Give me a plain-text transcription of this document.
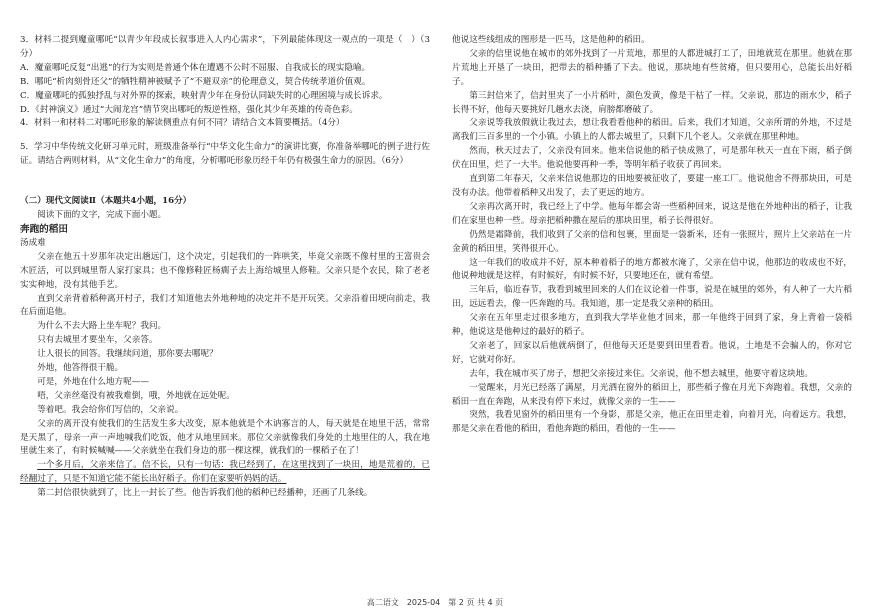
3．材料二提到魔童哪吒“以青少年段成长叙事进入人内心需求”，下列最能体现这一观点的一项是（　）（3分）

A．魔童哪吒反复“出逃”的行为实则是普通个体在遭遇不公时不屈服、自我成长的现实隐喻。

B．哪吒“析肉刻骨还父”的牺牲精神被赋予了“不避双亲”的伦理意义，契合传统孝道价值观。

C．魔童哪吒的孤独抒乱与对外界的探索，映射青少年在身份认同缺失时的心理困境与成长诉求。

D．《封神演义》通过“大闹龙宫”情节突出哪吒的叛逆性格，强化其少年英雄的传奇色彩。

4．材料一和材料二对哪吒形象的解读侧重点有何不同？请结合文本简要概括。（4分）

5．学习中华传统文化研习单元时，班级准备举行“中华文化生命力”的演讲比赛，你准备举哪吒的例子进行佐证。请结合两则材料，从“文化生命力”的角度，分析哪吒形象历经千年仍有极强生命力的原因。（6分）

（二）现代文阅读Ⅱ（本题共4小题，16分）

阅读下面的文字，完成下面小题。

奔跑的稻田

汤成难

父亲在他五十岁那年决定出趟远门，这个决定，引起我们的一阵哄笑，毕竟父亲既不像村里的王富贵会木匠活，可以到城里帮人家打家具；也不像修鞋匠杨瘸子去上海给城里人修鞋。父亲只是个农民，除了老老实实种地，没有其他手艺。

直到父亲背着稻种离开村子，我们才知道他去外地种地的决定并不是开玩笑。父亲沿着田埂向前走，我在后面追他。

为什么不去大路上坐车呢？我问。

只有去城里才要坐车，父亲答。

让人很长的回答。我继续问道，那你要去哪呢？

外地，他答得很干脆。

可是，外地在什么地方呢——

唔，父亲丝毫没有被我难倒，哦，外地就在远处呢。

等着吧。我会给你们写信的，父亲说。

父亲的离开没有使我们的生活发生多大改变，原本他就是个木讷寡言的人，每天就是在地里干活，常常是天黑了，母亲一声一声地喊我们吃饭，他才从地里回来。那位父亲就像我们身处的土地里住的人，我在地里就生来了，有时候喊喊——父亲就坐在我们身边的那一棵这棵，就我们的一棵稻子在了！

一个多月后，父亲来信了。信不长，只有一句话：我已经到了，在这里找到了一块田，地是荒着的，已经翻过了，只是不知道它能不能长出好稻子。你们在家要听妈妈的话。

第二封信很快就到了，比上一封长了些。他告诉我们他的稻种已经播种，还画了几条线。

他说这些线组成的图形是一匹马，这是他种的稻田。

父亲的信里说他在城市的郊外找到了一片荒地，那里的人都进城打工了，田地就荒在那里。他就在那片荒地上开垦了一块田，把带去的稻种播了下去。他说，那块地有些贫瘠，但只要用心，总能长出好稻子。

第三封信来了，信封里夹了一小片稻叶，颜色发黄，像是干枯了一样。父亲说，那边的雨水少，稻子长得不好，他每天要挑好几趟水去浇，肩膀都磨破了。

父亲说等我放假就让我过去，想让我看看他种的稻田。后来，我们才知道，父亲所谓的外地，不过是离我们三百多里的一个小镇。小镇上的人都去城里了，只剩下几个老人。父亲就在那里种地。

然而，秋天过去了，父亲没有回来。他来信说他的稻子快成熟了，可是那年秋天一直在下雨，稻子倒伏在田里，烂了一大半。他说他要再种一季，等明年稻子收获了再回来。

直到第二年春天，父亲来信说他那边的田地要被征收了，要建一座工厂。他说他舍不得那块田，可是没有办法。他带着稻种又出发了，去了更远的地方。

父亲再次离开时，我已经上了中学。他每年都会寄一些稻种回来，说这是他在外地种出的稻子，让我们在家里也种一些。母亲把稻种撒在屋后的那块田里，稻子长得很好。

仍然是霜降前，我们收到了父亲的信和包裹，里面是一袋新米，还有一张照片，照片上父亲站在一片金黄的稻田里，笑得很开心。

这一年我们的收成并不好，原本种着稻子的地方都被水淹了，父亲在信中说，他那边的收成也不好，他说种地就是这样，有时候好，有时候不好，只要地还在，就有希望。

三年后，临近春节，我看到城里回来的人们在议论着一件事，说是在城里的郊外，有人种了一大片稻田，远远看去，像一匹奔跑的马。我知道，那一定是我父亲种的稻田。

父亲在五年里走过很多地方，直到我大学毕业他才回来，那一年他终于回到了家，身上背着一袋稻种，他说这是他种过的最好的稻子。

父亲老了，回家以后他就病倒了，但他每天还是要到田里看看。他说，土地是不会骗人的，你对它好，它就对你好。

去年，我在城市买了房子，想把父亲接过来住。父亲说，他不想去城里，他要守着这块地。

一觉醒来，月光已经落了满屋，月光洒在窗外的稻田上，那些稻子像在月光下奔跑着。我想，父亲的稻田一直在奔跑，从来没有停下来过，就像父亲的一生——

突然，我看见窗外的稻田里有一个身影，那是父亲，他正在田里走着，向着月光，向着远方。我想，那是父亲在看他的稻田，看他奔跑的稻田，看他的一生——

高二语文　2025-04　第 2 页 共 4 页
